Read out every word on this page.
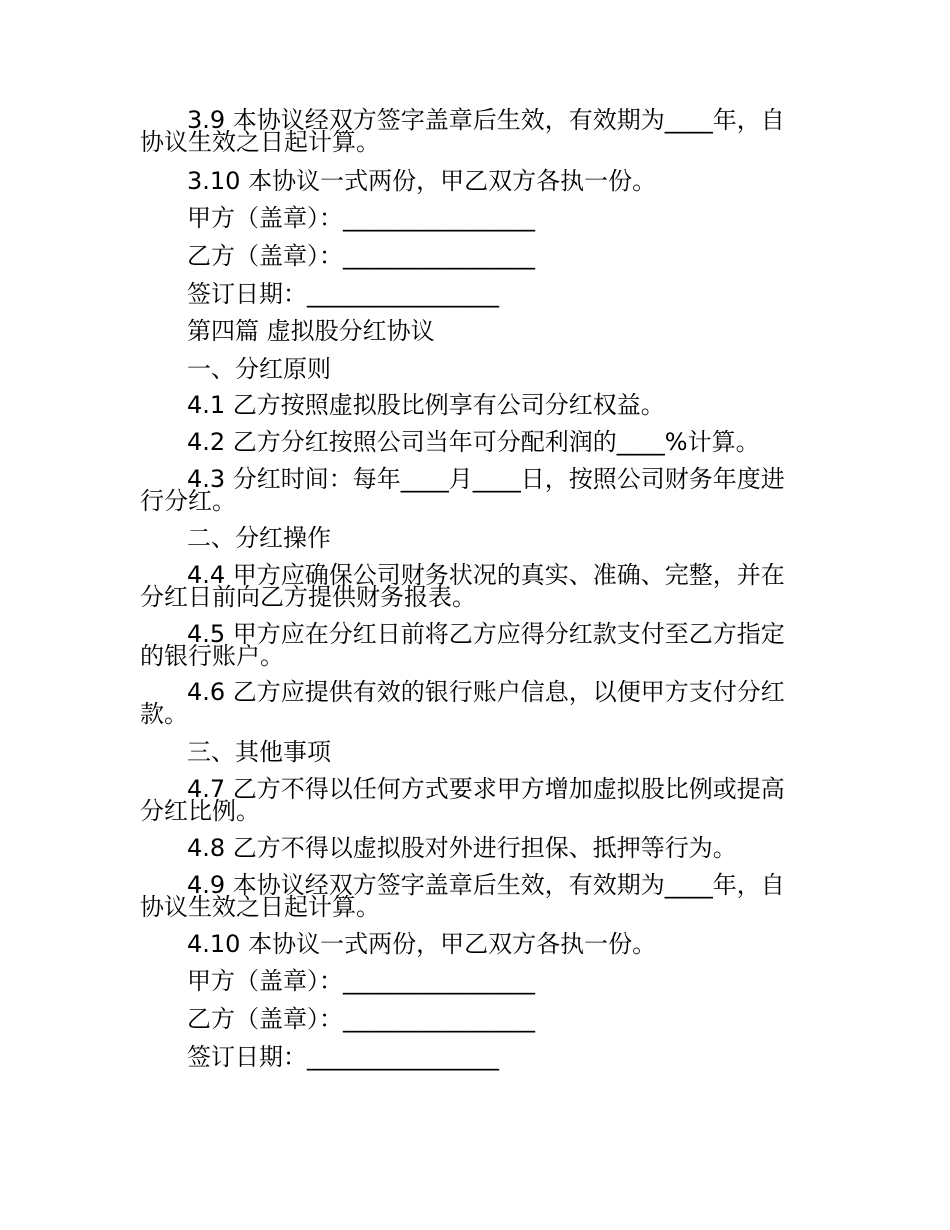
3.9 本协议经双方签字盖章后生效，有效期为____年，自
协议生效之日起计算。
3.10 本协议一式两份，甲乙双方各执一份。
甲方（盖章）：________________
乙方（盖章）：________________
签订日期：________________
第四篇 虚拟股分红协议
一、分红原则
4.1 乙方按照虚拟股比例享有公司分红权益。
4.2 乙方分红按照公司当年可分配利润的____%计算。
4.3 分红时间：每年____月____日，按照公司财务年度进
行分红。
二、分红操作
4.4 甲方应确保公司财务状况的真实、准确、完整，并在
分红日前向乙方提供财务报表。
4.5 甲方应在分红日前将乙方应得分红款支付至乙方指定
的银行账户。
4.6 乙方应提供有效的银行账户信息，以便甲方支付分红
款。
三、其他事项
4.7 乙方不得以任何方式要求甲方增加虚拟股比例或提高
分红比例。
4.8 乙方不得以虚拟股对外进行担保、抵押等行为。
4.9 本协议经双方签字盖章后生效，有效期为____年，自
协议生效之日起计算。
4.10 本协议一式两份，甲乙双方各执一份。
甲方（盖章）：________________
乙方（盖章）：________________
签订日期：________________
